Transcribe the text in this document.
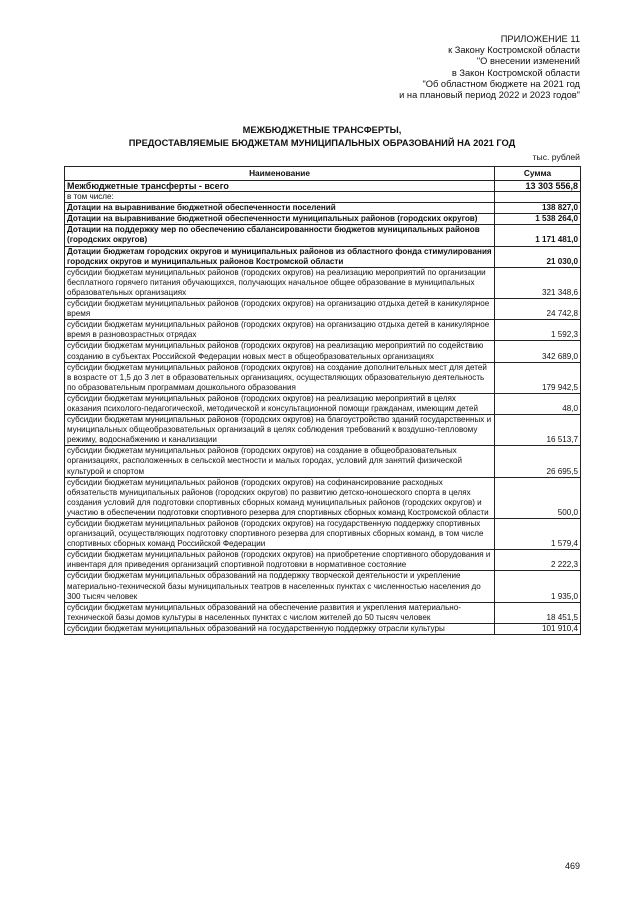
ПРИЛОЖЕНИЕ 11
к Закону Костромской области
"О внесении изменений
в Закон Костромской области
"Об областном бюджете на 2021 год
и на плановый период 2022 и 2023 годов"
МЕЖБЮДЖЕТНЫЕ ТРАНСФЕРТЫ,
ПРЕДОСТАВЛЯЕМЫЕ БЮДЖЕТАМ МУНИЦИПАЛЬНЫХ ОБРАЗОВАНИЙ НА 2021 ГОД
тыс. рублей
Наименование	Сумма
Межбюджетные трансферты - всего	13 303 556,8
в том числе:	
Дотации на выравнивание бюджетной обеспеченности поселений	138 827,0
Дотации на выравнивание бюджетной обеспеченности муниципальных районов (городских округов)	1 538 264,0
Дотации на поддержку мер по обеспечению сбалансированности бюджетов муниципальных районов (городских округов)	1 171 481,0
Дотации бюджетам городских округов и муниципальных районов из областного фонда стимулирования городских округов и муниципальных районов Костромской области	21 030,0
субсидии бюджетам муниципальных районов (городских округов) на реализацию мероприятий по организации бесплатного горячего питания обучающихся, получающих начальное общее образование в муниципальных образовательных организациях	321 348,6
субсидии бюджетам муниципальных районов (городских округов) на организацию отдыха детей в каникулярное время	24 742,8
субсидии бюджетам муниципальных районов (городских округов) на организацию отдыха детей в каникулярное время в разновозрастных отрядах	1 592,3
субсидии бюджетам муниципальных районов (городских округов) на реализацию мероприятий по содействию созданию в субъектах Российской Федерации новых мест в общеобразовательных организациях	342 689,0
субсидии бюджетам муниципальных районов (городских округов) на создание дополнительных мест для детей в возрасте от 1,5 до 3 лет в образовательных организациях, осуществляющих образовательную деятельность по образовательным программам дошкольного образования	179 942,5
субсидии бюджетам муниципальных районов (городских округов) на реализацию мероприятий в целях оказания психолого-педагогической, методической и консультационной помощи гражданам, имеющим детей	48,0
субсидии бюджетам муниципальных районов (городских округов) на благоустройство зданий государственных и муниципальных общеобразовательных организаций в целях соблюдения требований к воздушно-тепловому режиму, водоснабжению и канализации	16 513,7
субсидии бюджетам муниципальных районов (городских округов) на создание в общеобразовательных организациях, расположенных в сельской местности и малых городах, условий для занятий физической культурой и спортом	26 695,5
субсидии бюджетам муниципальных районов (городских округов) на софинансирование расходных обязательств муниципальных районов (городских округов) по развитию детско-юношеского спорта в целях создания условий для подготовки спортивных сборных команд муниципальных районов (городских округов) и участию в обеспечении подготовки спортивного резерва для спортивных сборных команд Костромской области	500,0
субсидии бюджетам муниципальных районов (городских округов) на государственную поддержку спортивных организаций, осуществляющих подготовку спортивного резерва для спортивных сборных команд, в том числе спортивных сборных команд Российской Федерации	1 579,4
субсидии бюджетам муниципальных районов (городских округов) на приобретение спортивного оборудования и инвентаря для приведения организаций спортивной подготовки в нормативное состояние	2 222,3
субсидии бюджетам муниципальных образований на поддержку творческой деятельности и укрепление материально-технической базы муниципальных театров в населенных пунктах с численностью населения до 300 тысяч человек	1 935,0
субсидии бюджетам муниципальных образований на обеспечение развития и укрепления материально-технической базы домов культуры в населенных пунктах с числом жителей до 50 тысяч человек	18 451,5
субсидии бюджетам муниципальных образований на государственную поддержку отрасли культуры	101 910,4
469
